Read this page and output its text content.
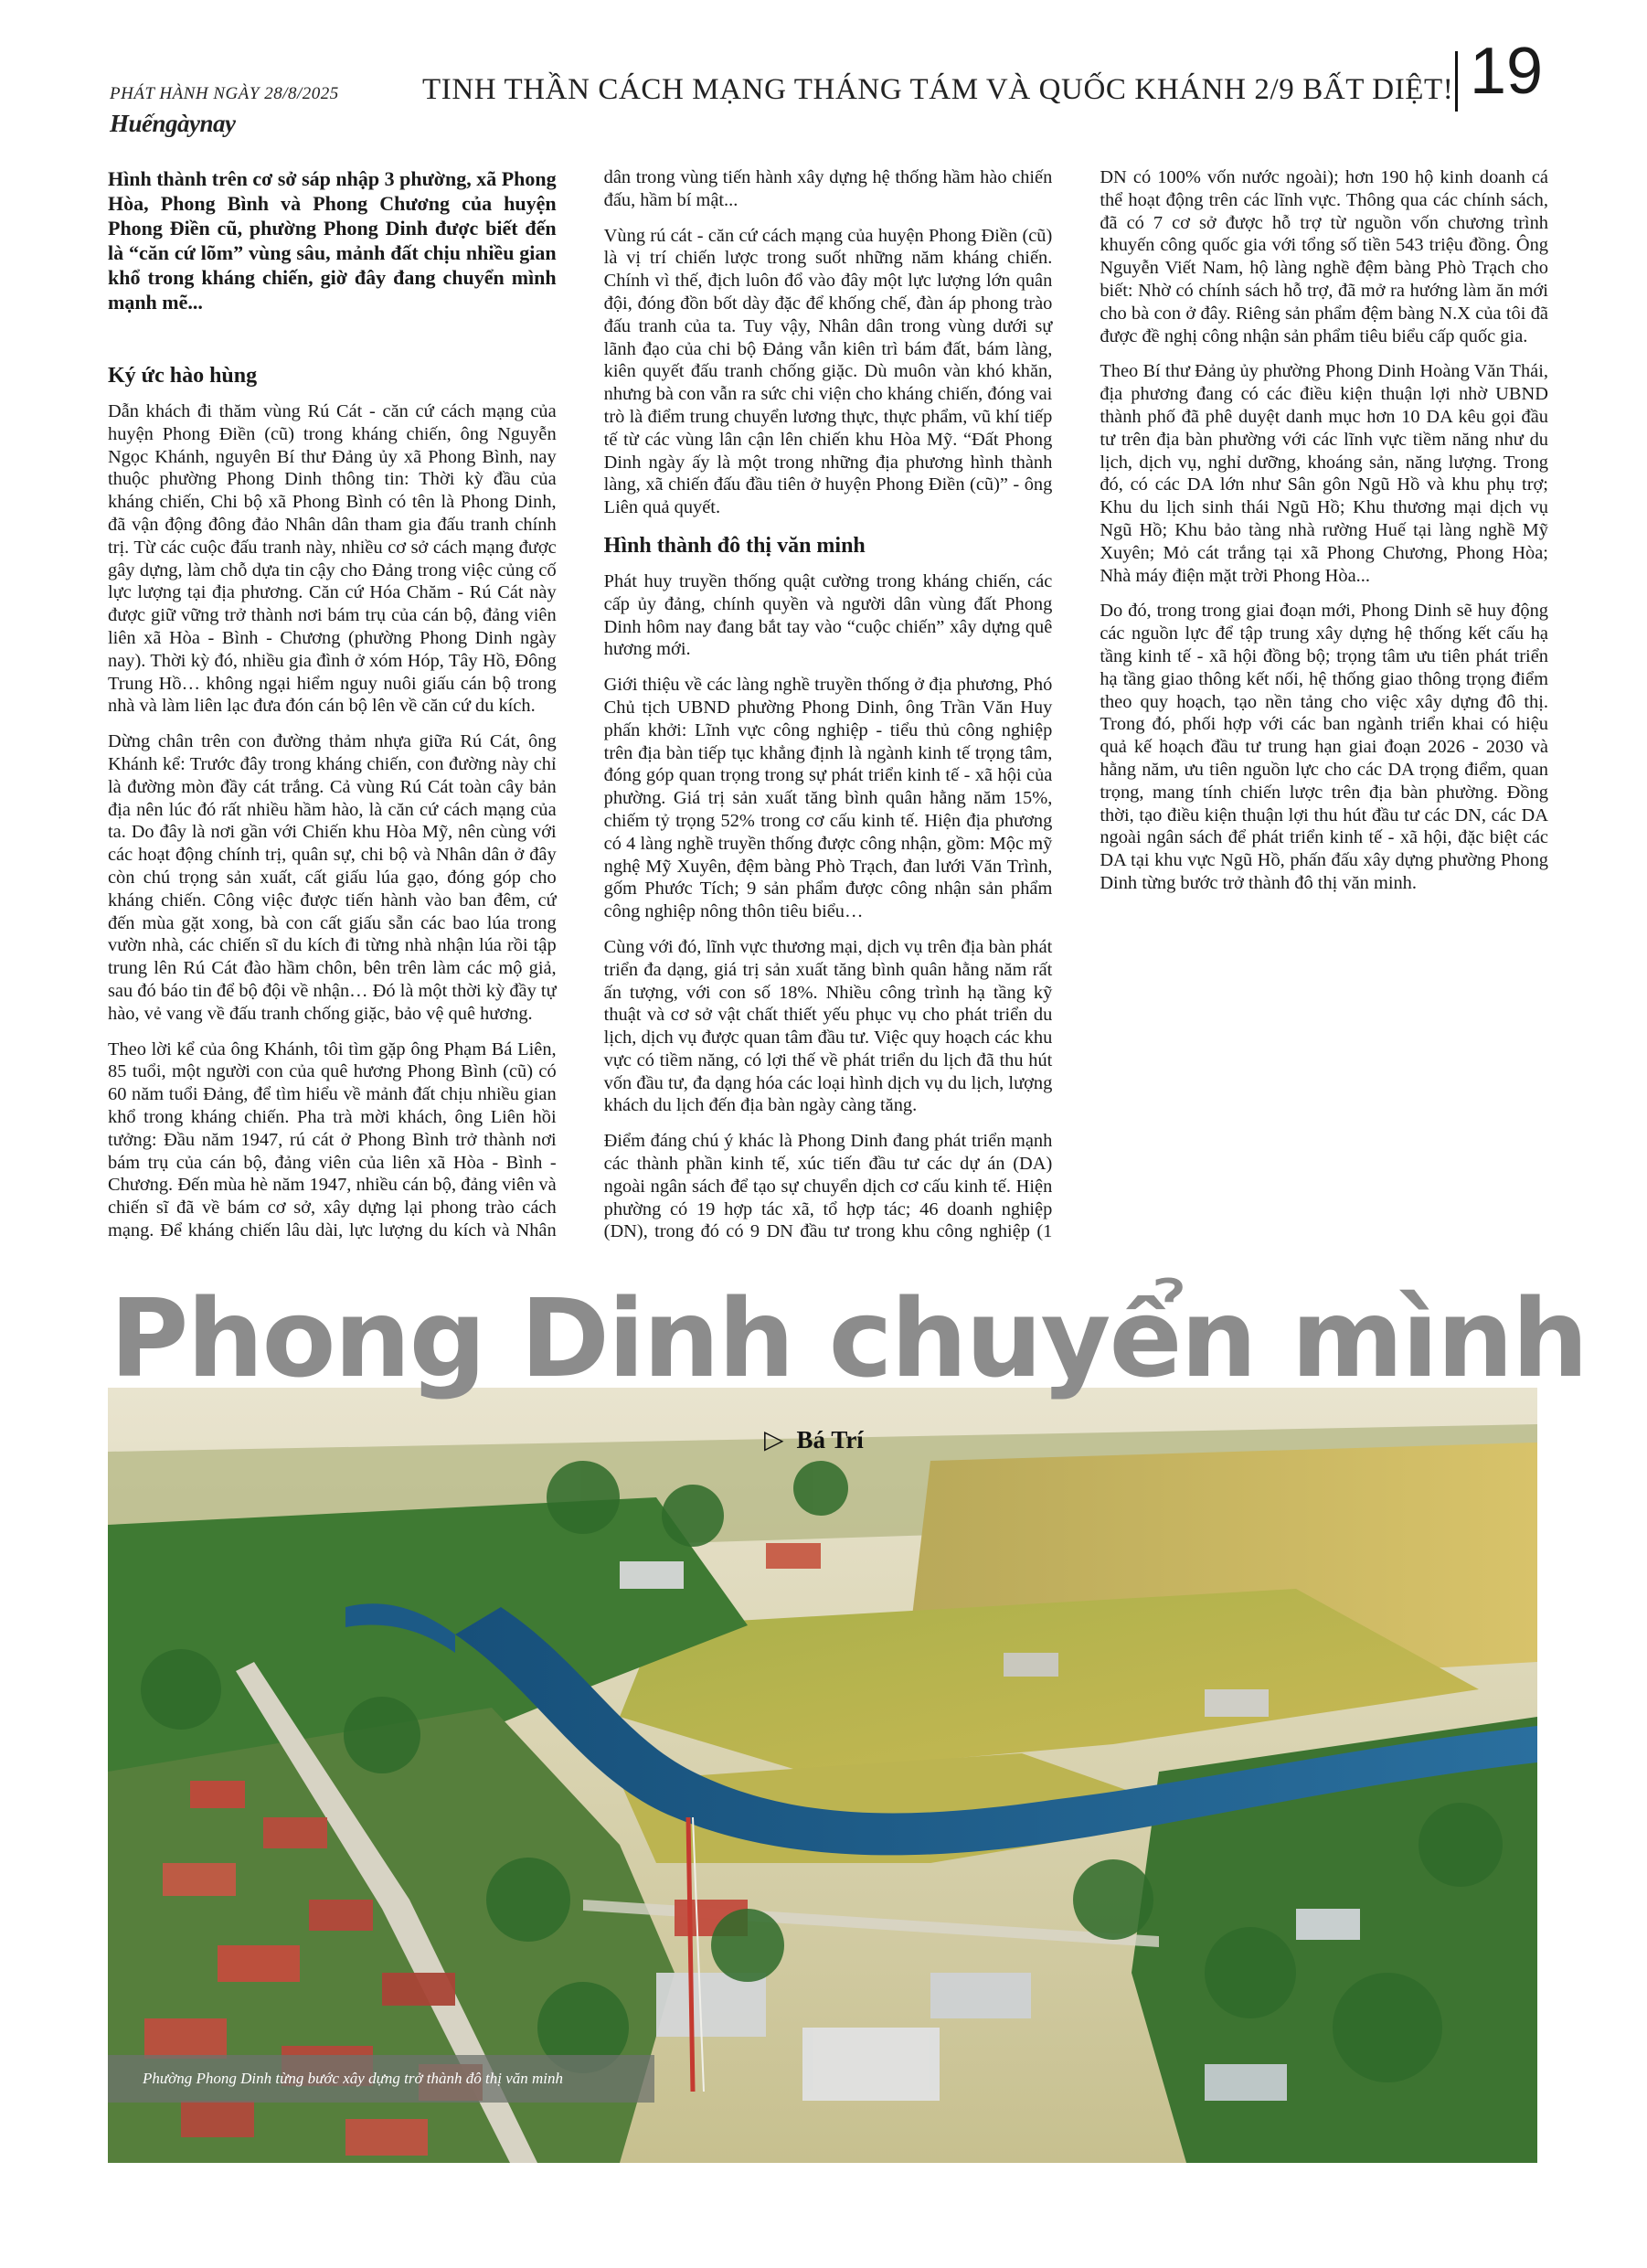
PHÁT HÀNH NGÀY 28/8/2025
Huếngàynay
TINH THẦN CÁCH MẠNG THÁNG TÁM VÀ QUỐC KHÁNH 2/9 BẤT DIỆT! 19

Hình thành trên cơ sở sáp nhập 3 phường, xã Phong Hòa, Phong Bình và Phong Chương của huyện Phong Điền cũ, phường Phong Dinh được biết đến là “căn cứ lõm” vùng sâu, mảnh đất chịu nhiều gian khổ trong kháng chiến, giờ đây đang chuyển mình mạnh mẽ...

Ký ức hào hùng

Dẫn khách đi thăm vùng Rú Cát - căn cứ cách mạng của huyện Phong Điền (cũ) trong kháng chiến, ông Nguyễn Ngọc Khánh, nguyên Bí thư Đảng ủy xã Phong Bình, nay thuộc phường Phong Dinh thông tin: Thời kỳ đầu của kháng chiến, Chi bộ xã Phong Bình có tên là Phong Dinh, đã vận động đông đảo Nhân dân tham gia đấu tranh chính trị. Từ các cuộc đấu tranh này, nhiều cơ sở cách mạng được gây dựng, làm chỗ dựa tin cậy cho Đảng trong việc củng cố lực lượng tại địa phương. Căn cứ Hóa Chăm - Rú Cát này được giữ vững trở thành nơi bám trụ của cán bộ, đảng viên liên xã Hòa - Bình - Chương (phường Phong Dinh ngày nay). Thời kỳ đó, nhiều gia đình ở xóm Hóp, Tây Hồ, Đông Trung Hồ… không ngại hiểm nguy nuôi giấu cán bộ trong nhà và làm liên lạc đưa đón cán bộ lên về căn cứ du kích.

Dừng chân trên con đường thảm nhựa giữa Rú Cát, ông Khánh kể: Trước đây trong kháng chiến, con đường này chỉ là đường mòn đầy cát trắng. Cả vùng Rú Cát toàn cây bản địa nên lúc đó rất nhiều hầm hào, là căn cứ cách mạng của ta. Do đây là nơi gần với Chiến khu Hòa Mỹ, nên cùng với các hoạt động chính trị, quân sự, chi bộ và Nhân dân ở đây còn chú trọng sản xuất, cất giấu lúa gạo, đóng góp cho kháng chiến. Công việc được tiến hành vào ban đêm, cứ đến mùa gặt xong, bà con cất giấu sẵn các bao lúa trong vườn nhà, các chiến sĩ du kích đi từng nhà nhận lúa rồi tập trung lên Rú Cát đào hầm chôn, bên trên làm các mộ giả, sau đó báo tin để bộ đội về nhận… Đó là một thời kỳ đầy tự hào, vẻ vang về đấu tranh chống giặc, bảo vệ quê hương.

Theo lời kể của ông Khánh, tôi tìm gặp ông Phạm Bá Liên, 85 tuổi, một người con của quê hương Phong Bình (cũ) có 60 năm tuổi Đảng, để tìm hiểu về mảnh đất chịu nhiều gian khổ trong kháng chiến. Pha trà mời khách, ông Liên hồi tưởng: Đầu năm 1947, rú cát ở Phong Bình trở thành nơi bám trụ của cán bộ, đảng viên của liên xã Hòa - Bình - Chương. Đến mùa hè năm 1947, nhiều cán bộ, đảng viên và chiến sĩ đã về bám cơ sở, xây dựng lại phong trào cách mạng. Để kháng chiến lâu dài, lực lượng du kích và Nhân dân trong vùng tiến hành xây dựng hệ thống hầm hào chiến đấu, hầm bí mật...

Vùng rú cát - căn cứ cách mạng của huyện Phong Điền (cũ) là vị trí chiến lược trong suốt những năm kháng chiến. Chính vì thế, địch luôn đổ vào đây một lực lượng lớn quân đội, đóng đồn bốt dày đặc để khống chế, đàn áp phong trào đấu tranh của ta. Tuy vậy, Nhân dân trong vùng dưới sự lãnh đạo của chi bộ Đảng vẫn kiên trì bám đất, bám làng, kiên quyết đấu tranh chống giặc. Dù muôn vàn khó khăn, nhưng bà con vẫn ra sức chi viện cho kháng chiến, đóng vai trò là điểm trung chuyển lương thực, thực phẩm, vũ khí tiếp tế từ các vùng lân cận lên chiến khu Hòa Mỹ. “Đất Phong Dinh ngày ấy là một trong những địa phương hình thành làng, xã chiến đấu đầu tiên ở huyện Phong Điền (cũ)” - ông Liên quả quyết.

Hình thành đô thị văn minh

Phát huy truyền thống quật cường trong kháng chiến, các cấp ủy đảng, chính quyền và người dân vùng đất Phong Dinh hôm nay đang bắt tay vào “cuộc chiến” xây dựng quê hương mới.

Giới thiệu về các làng nghề truyền thống ở địa phương, Phó Chủ tịch UBND phường Phong Dinh, ông Trần Văn Huy phấn khởi: Lĩnh vực công nghiệp - tiểu thủ công nghiệp trên địa bàn tiếp tục khẳng định là ngành kinh tế trọng tâm, đóng góp quan trọng trong sự phát triển kinh tế - xã hội của phường. Giá trị sản xuất tăng bình quân hằng năm 15%, chiếm tỷ trọng 52% trong cơ cấu kinh tế. Hiện địa phương có 4 làng nghề truyền thống được công nhận, gồm: Mộc mỹ nghệ Mỹ Xuyên, đệm bàng Phò Trạch, đan lưới Văn Trình, gốm Phước Tích; 9 sản phẩm được công nhận sản phẩm công nghiệp nông thôn tiêu biểu…

Cùng với đó, lĩnh vực thương mại, dịch vụ trên địa bàn phát triển đa dạng, giá trị sản xuất tăng bình quân hằng năm rất ấn tượng, với con số 18%. Nhiều công trình hạ tầng kỹ thuật và cơ sở vật chất thiết yếu phục vụ cho phát triển du lịch, dịch vụ được quan tâm đầu tư. Việc quy hoạch các khu vực có tiềm năng, có lợi thế về phát triển du lịch đã thu hút vốn đầu tư, đa dạng hóa các loại hình dịch vụ du lịch, lượng khách du lịch đến địa bàn ngày càng tăng.

Điểm đáng chú ý khác là Phong Dinh đang phát triển mạnh các thành phần kinh tế, xúc tiến đầu tư các dự án (DA) ngoài ngân sách để tạo sự chuyển dịch cơ cấu kinh tế. Hiện phường có 19 hợp tác xã, tổ hợp tác; 46 doanh nghiệp (DN), trong đó có 9 DN đầu tư trong khu công nghiệp (1 DN có 100% vốn nước ngoài); hơn 190 hộ kinh doanh cá thể hoạt động trên các lĩnh vực. Thông qua các chính sách, đã có 7 cơ sở được hỗ trợ từ nguồn vốn chương trình khuyến công quốc gia với tổng số tiền 543 triệu đồng. Ông Nguyễn Viết Nam, hộ làng nghề đệm bàng Phò Trạch cho biết: Nhờ có chính sách hỗ trợ, đã mở ra hướng làm ăn mới cho bà con ở đây. Riêng sản phẩm đệm bàng N.X của tôi đã được đề nghị công nhận sản phẩm tiêu biểu cấp quốc gia.

Theo Bí thư Đảng ủy phường Phong Dinh Hoàng Văn Thái, địa phương đang có các điều kiện thuận lợi nhờ UBND thành phố đã phê duyệt danh mục hơn 10 DA kêu gọi đầu tư trên địa bàn phường với các lĩnh vực tiềm năng như du lịch, dịch vụ, nghỉ dưỡng, khoáng sản, năng lượng. Trong đó, có các DA lớn như Sân gôn Ngũ Hồ và khu phụ trợ; Khu du lịch sinh thái Ngũ Hồ; Khu thương mại dịch vụ Ngũ Hồ; Khu bảo tàng nhà rường Huế tại làng nghề Mỹ Xuyên; Mỏ cát trắng tại xã Phong Chương, Phong Hòa; Nhà máy điện mặt trời Phong Hòa...

Do đó, trong trong giai đoạn mới, Phong Dinh sẽ huy động các nguồn lực để tập trung xây dựng hệ thống kết cấu hạ tầng kinh tế - xã hội đồng bộ; trọng tâm ưu tiên phát triển hạ tầng giao thông kết nối, hệ thống giao thông trọng điểm theo quy hoạch, tạo nền tảng cho việc xây dựng đô thị. Trong đó, phối hợp với các ban ngành triển khai có hiệu quả kế hoạch đầu tư trung hạn giai đoạn 2026 - 2030 và hằng năm, ưu tiên nguồn lực cho các DA trọng điểm, quan trọng, mang tính chiến lược trên địa bàn phường. Đồng thời, tạo điều kiện thuận lợi thu hút đầu tư các DN, các DA ngoài ngân sách để phát triển kinh tế - xã hội, đặc biệt các DA tại khu vực Ngũ Hồ, phấn đấu xây dựng phường Phong Dinh từng bước trở thành đô thị văn minh.

Phong Dinh chuyển mình
▷ Bá Trí
Phường Phong Dinh từng bước xây dựng trở thành đô thị văn minh
